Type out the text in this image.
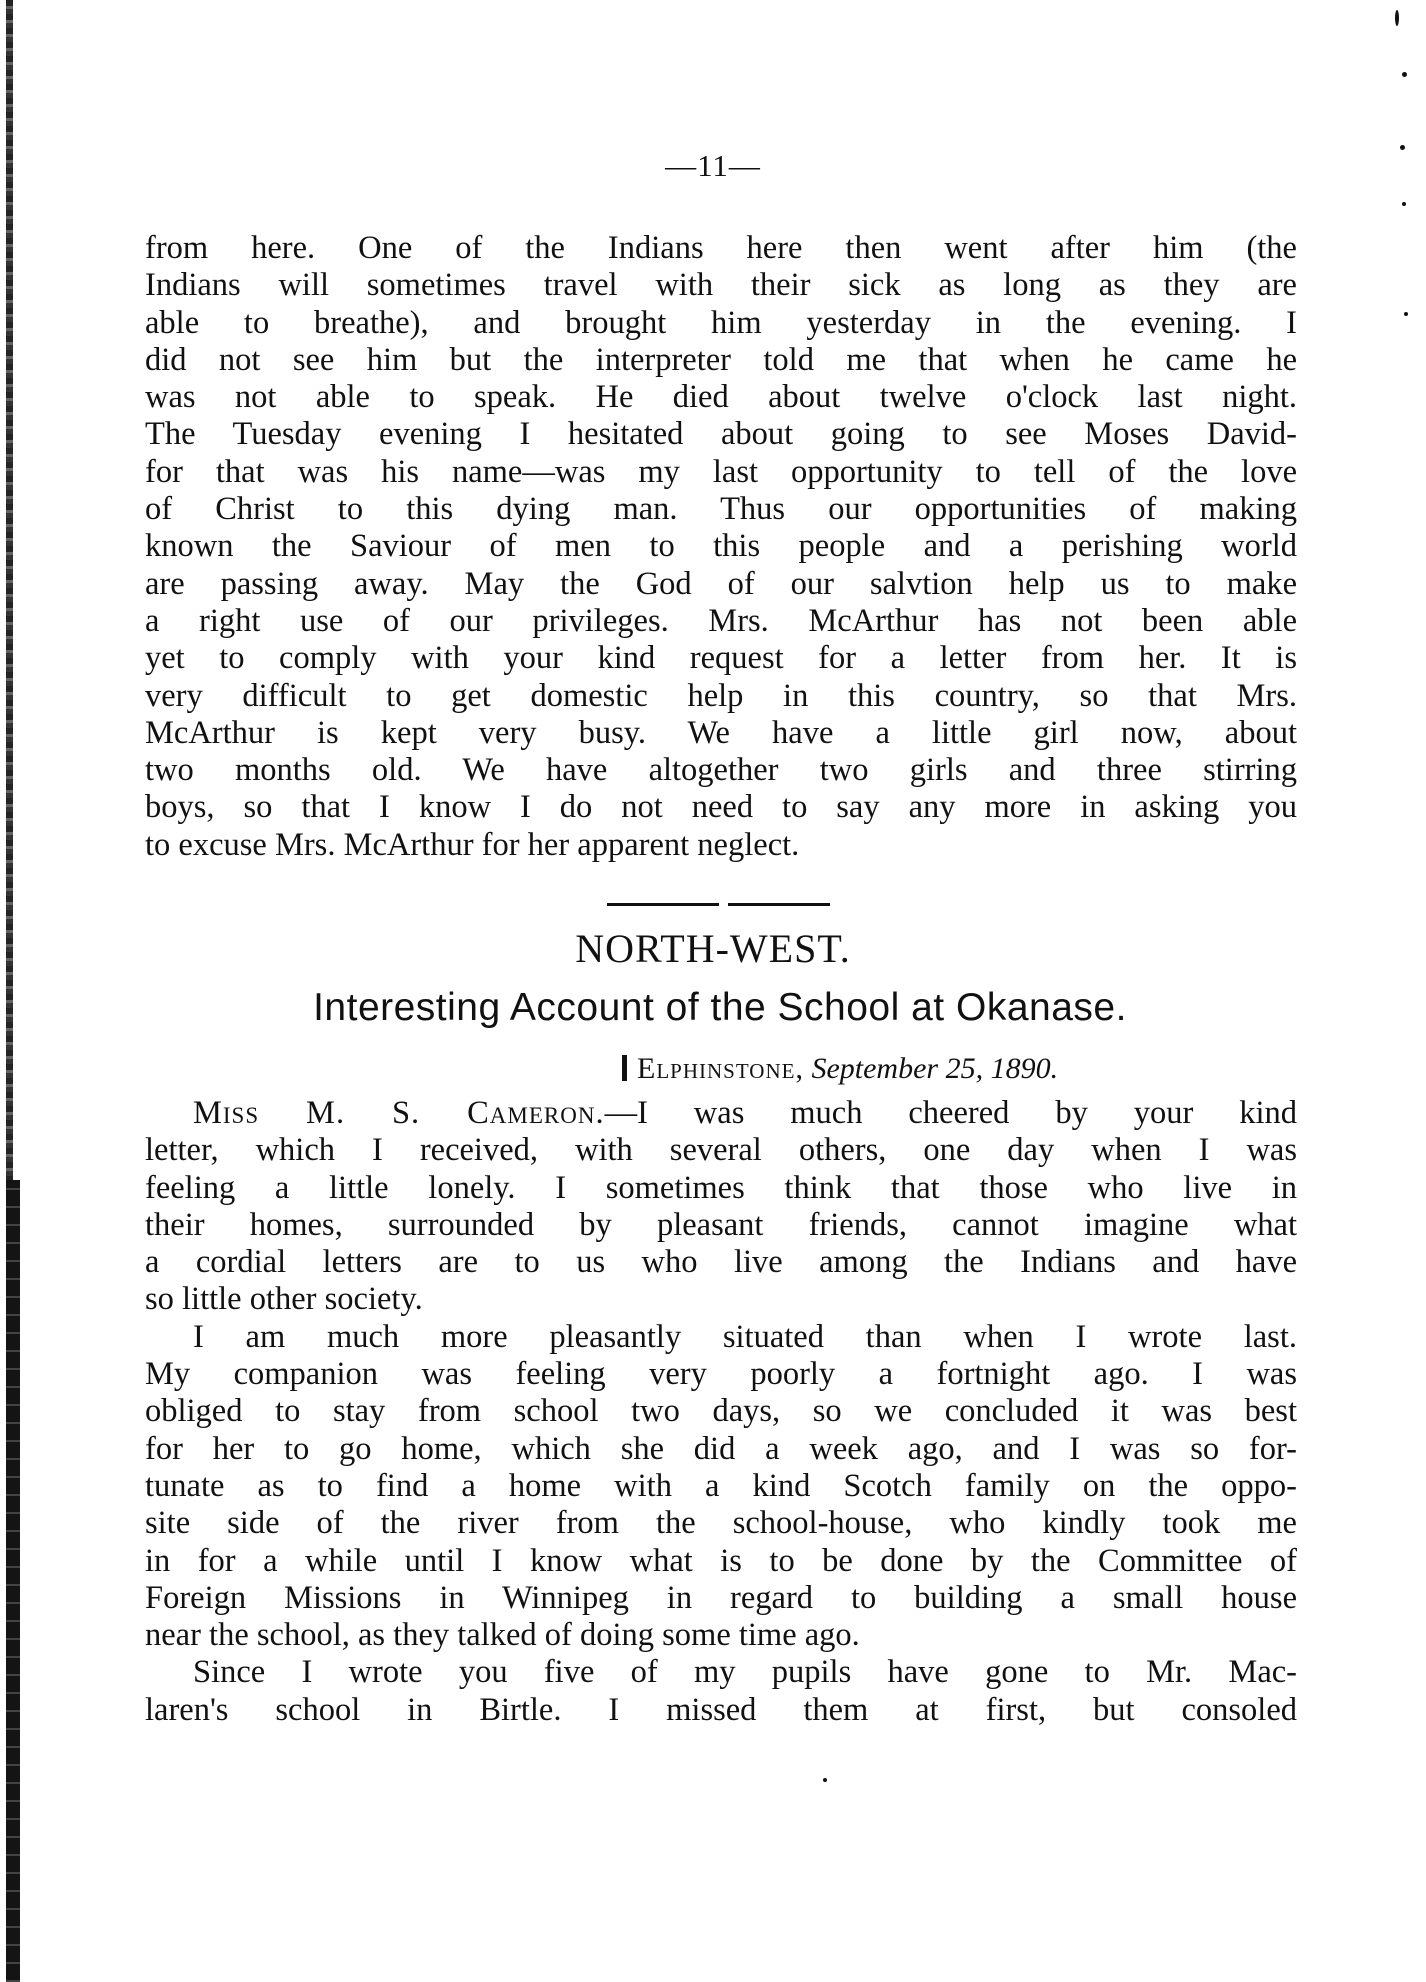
—11—
from here. One of the Indians here then went after him (the
Indians will sometimes travel with their sick as long as they are
able to breathe), and brought him yesterday in the evening. I
did not see him but the interpreter told me that when he came he
was not able to speak. He died about twelve o'clock last night.
The Tuesday evening I hesitated about going to see Moses David-
for that was his name—was my last opportunity to tell of the love
of Christ to this dying man. Thus our opportunities of making
known the Saviour of men to this people and a perishing world
are passing away. May the God of our salvtion help us to make
a right use of our privileges. Mrs. McArthur has not been able
yet to comply with your kind request for a letter from her. It is
very difficult to get domestic help in this country, so that Mrs.
McArthur is kept very busy. We have a little girl now, about
two months old. We have altogether two girls and three stirring
boys, so that I know I do not need to say any more in asking you
to excuse Mrs. McArthur for her apparent neglect.
NORTH-WEST.
Interesting Account of the School at Okanase.
Elphinstone, September 25, 1890.
Miss M. S. Cameron.—I was much cheered by your kind
letter, which I received, with several others, one day when I was
feeling a little lonely. I sometimes think that those who live in
their homes, surrounded by pleasant friends, cannot imagine what
a cordial letters are to us who live among the Indians and have
so little other society.
I am much more pleasantly situated than when I wrote last.
My companion was feeling very poorly a fortnight ago. I was
obliged to stay from school two days, so we concluded it was best
for her to go home, which she did a week ago, and I was so for-
tunate as to find a home with a kind Scotch family on the oppo-
site side of the river from the school-house, who kindly took me
in for a while until I know what is to be done by the Committee of
Foreign Missions in Winnipeg in regard to building a small house
near the school, as they talked of doing some time ago.
Since I wrote you five of my pupils have gone to Mr. Mac-
laren's school in Birtle. I missed them at first, but consoled
